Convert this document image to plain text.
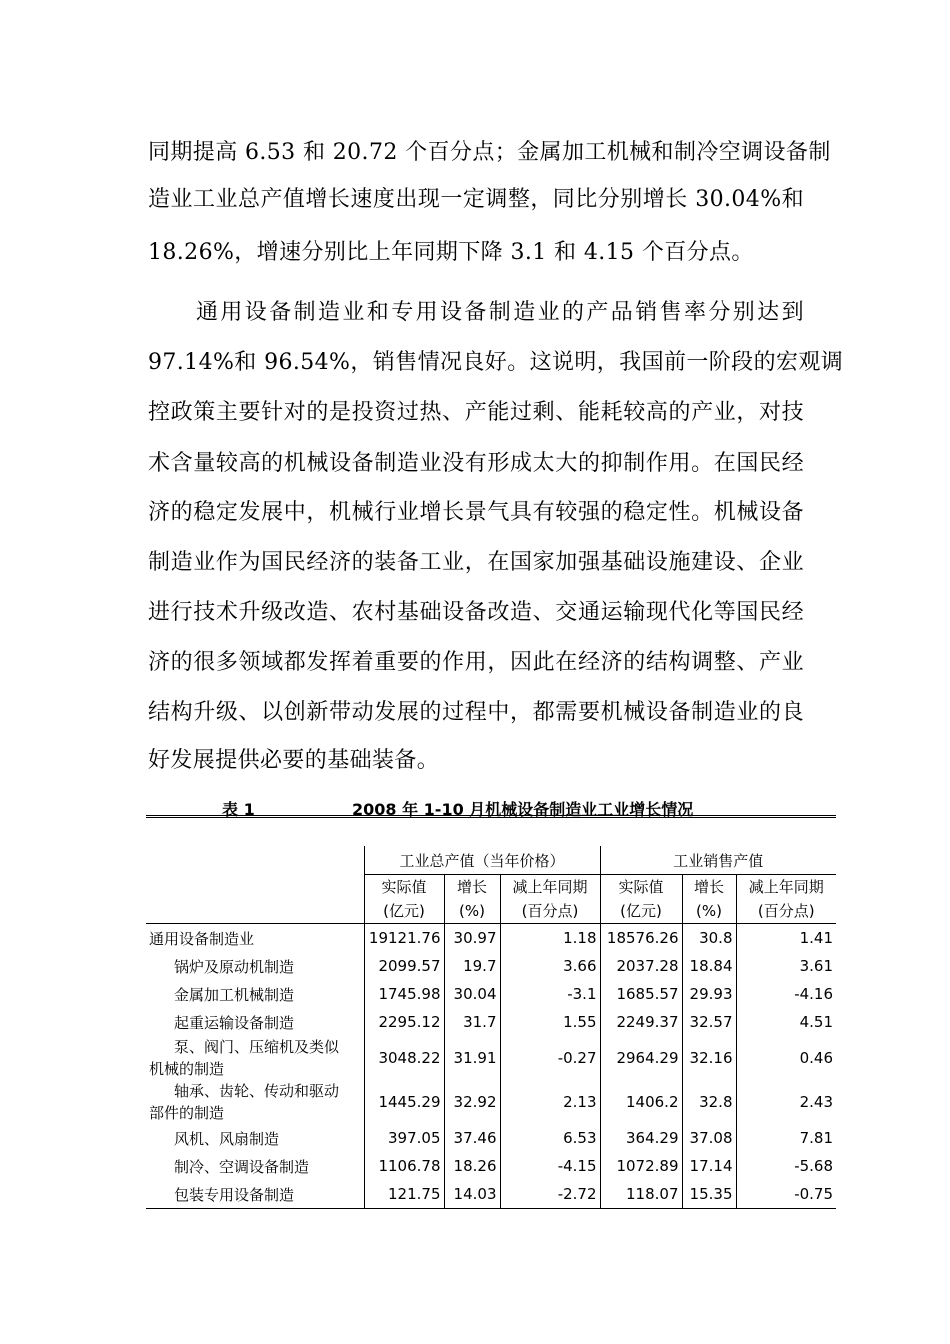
同期提高 6.53 和 20.72 个百分点；金属加工机械和制冷空调设备制
造业工业总产值增长速度出现一定调整，同比分别增长 30.04%和
18.26%，增速分别比上年同期下降 3.1 和 4.15 个百分点。
通用设备制造业和专用设备制造业的产品销售率分别达到
97.14%和 96.54%，销售情况良好。这说明，我国前一阶段的宏观调
控政策主要针对的是投资过热、产能过剩、能耗较高的产业，对技
术含量较高的机械设备制造业没有形成太大的抑制作用。在国民经
济的稳定发展中，机械行业增长景气具有较强的稳定性。机械设备
制造业作为国民经济的装备工业，在国家加强基础设施建设、企业
进行技术升级改造、农村基础设备改造、交通运输现代化等国民经
济的很多领域都发挥着重要的作用，因此在经济的结构调整、产业
结构升级、以创新带动发展的过程中，都需要机械设备制造业的良
好发展提供必要的基础装备。
表 1	2008 年 1-10 月机械设备制造业工业增长情况

	工业总产值（当年价格）			工业销售产值		
	实际值
(亿元)	增长
(%)	减上年同期
(百分点)	实际值
(亿元)	增长
(%)	减上年同期
(百分点)
通用设备制造业	19121.76	30.97	1.18	18576.26	30.8	1.41
锅炉及原动机制造	2099.57	19.7	3.66	2037.28	18.84	3.61
金属加工机械制造	1745.98	30.04	-3.1	1685.57	29.93	-4.16
起重运输设备制造	2295.12	31.7	1.55	2249.37	32.57	4.51
泵、阀门、压缩机及类似
机械的制造	3048.22	31.91	-0.27	2964.29	32.16	0.46
轴承、齿轮、传动和驱动
部件的制造	1445.29	32.92	2.13	1406.2	32.8	2.43
风机、风扇制造	397.05	37.46	6.53	364.29	37.08	7.81
制冷、空调设备制造	1106.78	18.26	-4.15	1072.89	17.14	-5.68
包装专用设备制造	121.75	14.03	-2.72	118.07	15.35	-0.75
